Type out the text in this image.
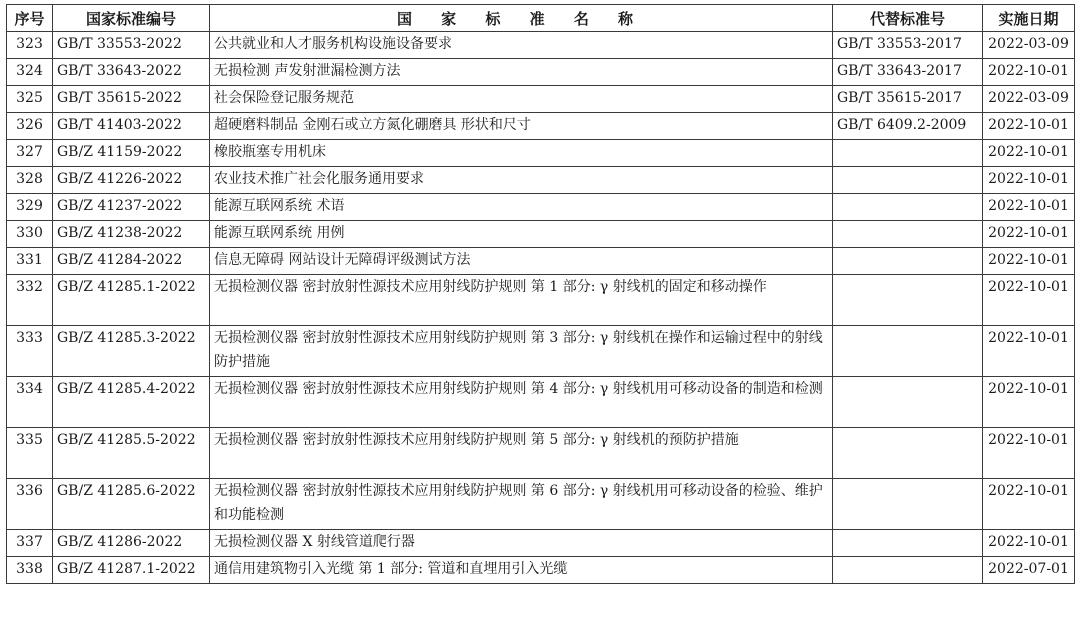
序号	国家标准编号	国 家 标 准 名 称	代替标准号	实施日期
323	GB/T 33553-2022	公共就业和人才服务机构设施设备要求	GB/T 33553-2017	2022-03-09
324	GB/T 33643-2022	无损检测 声发射泄漏检测方法	GB/T 33643-2017	2022-10-01
325	GB/T 35615-2022	社会保险登记服务规范	GB/T 35615-2017	2022-03-09
326	GB/T 41403-2022	超硬磨料制品 金刚石或立方氮化硼磨具 形状和尺寸	GB/T 6409.2-2009	2022-10-01
327	GB/Z 41159-2022	橡胶瓶塞专用机床		2022-10-01
328	GB/Z 41226-2022	农业技术推广社会化服务通用要求		2022-10-01
329	GB/Z 41237-2022	能源互联网系统 术语		2022-10-01
330	GB/Z 41238-2022	能源互联网系统 用例		2022-10-01
331	GB/Z 41284-2022	信息无障碍 网站设计无障碍评级测试方法		2022-10-01
332	GB/Z 41285.1-2022	无损检测仪器 密封放射性源技术应用射线防护规则 第 1 部分: γ 射线机的固定和移动操作		2022-10-01
333	GB/Z 41285.3-2022	无损检测仪器 密封放射性源技术应用射线防护规则 第 3 部分: γ 射线机在操作和运输过程中的射线防护措施		2022-10-01
334	GB/Z 41285.4-2022	无损检测仪器 密封放射性源技术应用射线防护规则 第 4 部分: γ 射线机用可移动设备的制造和检测		2022-10-01
335	GB/Z 41285.5-2022	无损检测仪器 密封放射性源技术应用射线防护规则 第 5 部分: γ 射线机的预防护措施		2022-10-01
336	GB/Z 41285.6-2022	无损检测仪器 密封放射性源技术应用射线防护规则 第 6 部分: γ 射线机用可移动设备的检验、维护和功能检测		2022-10-01
337	GB/Z 41286-2022	无损检测仪器 X 射线管道爬行器		2022-10-01
338	GB/Z 41287.1-2022	通信用建筑物引入光缆 第 1 部分: 管道和直埋用引入光缆		2022-07-01
